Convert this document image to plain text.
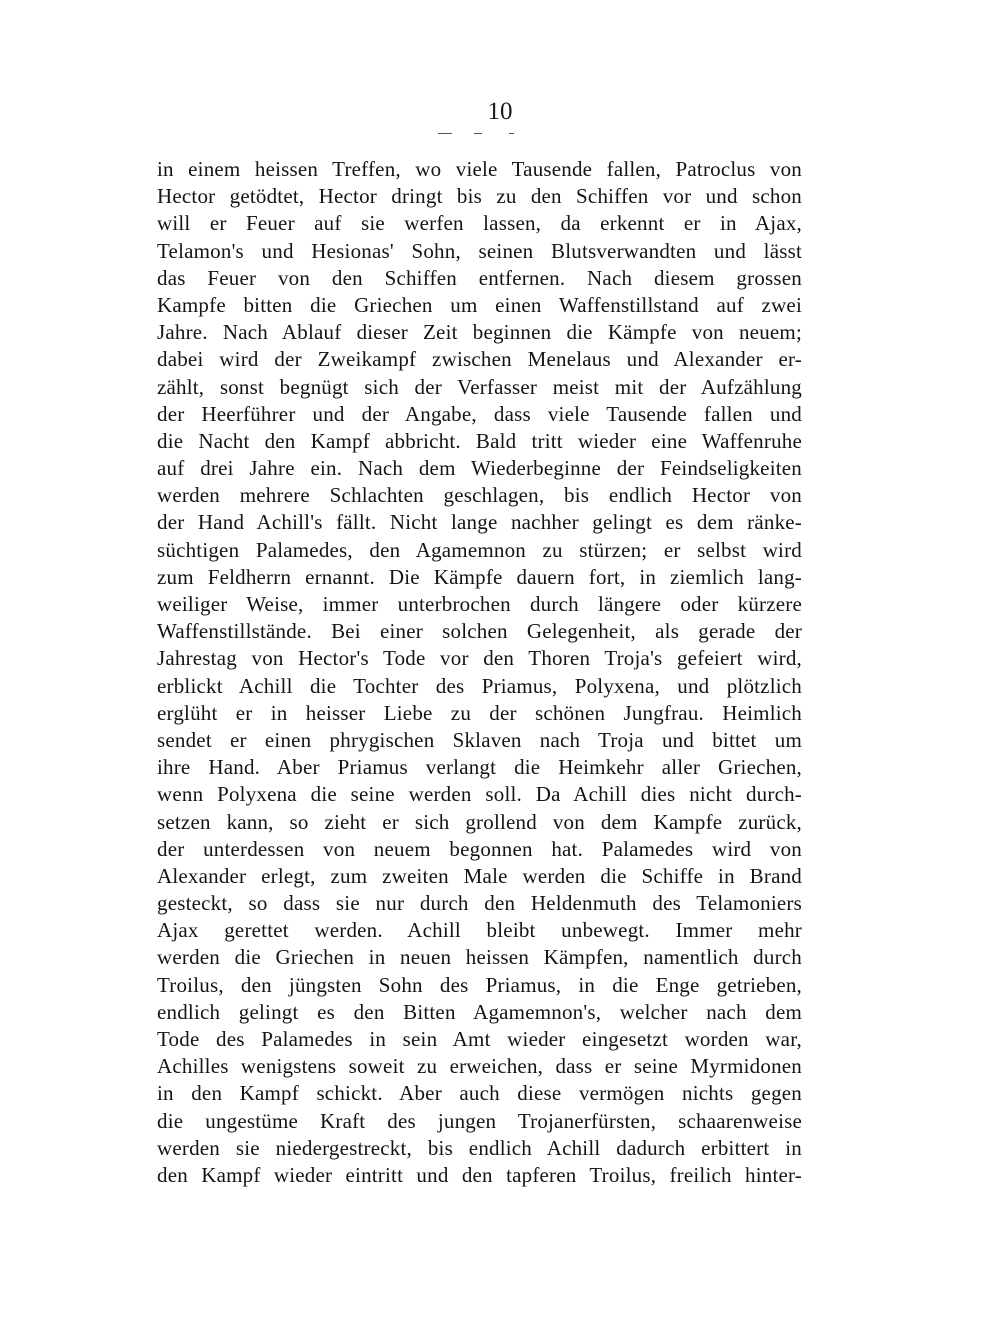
10
in einem heissen Treffen, wo viele Tausende fallen, Patroclus von
Hector getödtet, Hector dringt bis zu den Schiffen vor und schon
will er Feuer auf sie werfen lassen, da erkennt er in Ajax,
Telamon's und Hesionas' Sohn, seinen Blutsverwandten und lässt
das Feuer von den Schiffen entfernen. Nach diesem grossen
Kampfe bitten die Griechen um einen Waffenstillstand auf zwei
Jahre. Nach Ablauf dieser Zeit beginnen die Kämpfe von neuem;
dabei wird der Zweikampf zwischen Menelaus und Alexander er-
zählt, sonst begnügt sich der Verfasser meist mit der Aufzählung
der Heerführer und der Angabe, dass viele Tausende fallen und
die Nacht den Kampf abbricht. Bald tritt wieder eine Waffenruhe
auf drei Jahre ein. Nach dem Wiederbeginne der Feindseligkeiten
werden mehrere Schlachten geschlagen, bis endlich Hector von
der Hand Achill's fällt. Nicht lange nachher gelingt es dem ränke-
süchtigen Palamedes, den Agamemnon zu stürzen; er selbst wird
zum Feldherrn ernannt. Die Kämpfe dauern fort, in ziemlich lang-
weiliger Weise, immer unterbrochen durch längere oder kürzere
Waffenstillstände. Bei einer solchen Gelegenheit, als gerade der
Jahrestag von Hector's Tode vor den Thoren Troja's gefeiert wird,
erblickt Achill die Tochter des Priamus, Polyxena, und plötzlich
erglüht er in heisser Liebe zu der schönen Jungfrau. Heimlich
sendet er einen phrygischen Sklaven nach Troja und bittet um
ihre Hand. Aber Priamus verlangt die Heimkehr aller Griechen,
wenn Polyxena die seine werden soll. Da Achill dies nicht durch-
setzen kann, so zieht er sich grollend von dem Kampfe zurück,
der unterdessen von neuem begonnen hat. Palamedes wird von
Alexander erlegt, zum zweiten Male werden die Schiffe in Brand
gesteckt, so dass sie nur durch den Heldenmuth des Telamoniers
Ajax gerettet werden. Achill bleibt unbewegt. Immer mehr
werden die Griechen in neuen heissen Kämpfen, namentlich durch
Troilus, den jüngsten Sohn des Priamus, in die Enge getrieben,
endlich gelingt es den Bitten Agamemnon's, welcher nach dem
Tode des Palamedes in sein Amt wieder eingesetzt worden war,
Achilles wenigstens soweit zu erweichen, dass er seine Myrmidonen
in den Kampf schickt. Aber auch diese vermögen nichts gegen
die ungestüme Kraft des jungen Trojanerfürsten, schaarenweise
werden sie niedergestreckt, bis endlich Achill dadurch erbittert in
den Kampf wieder eintritt und den tapferen Troilus, freilich hinter-
